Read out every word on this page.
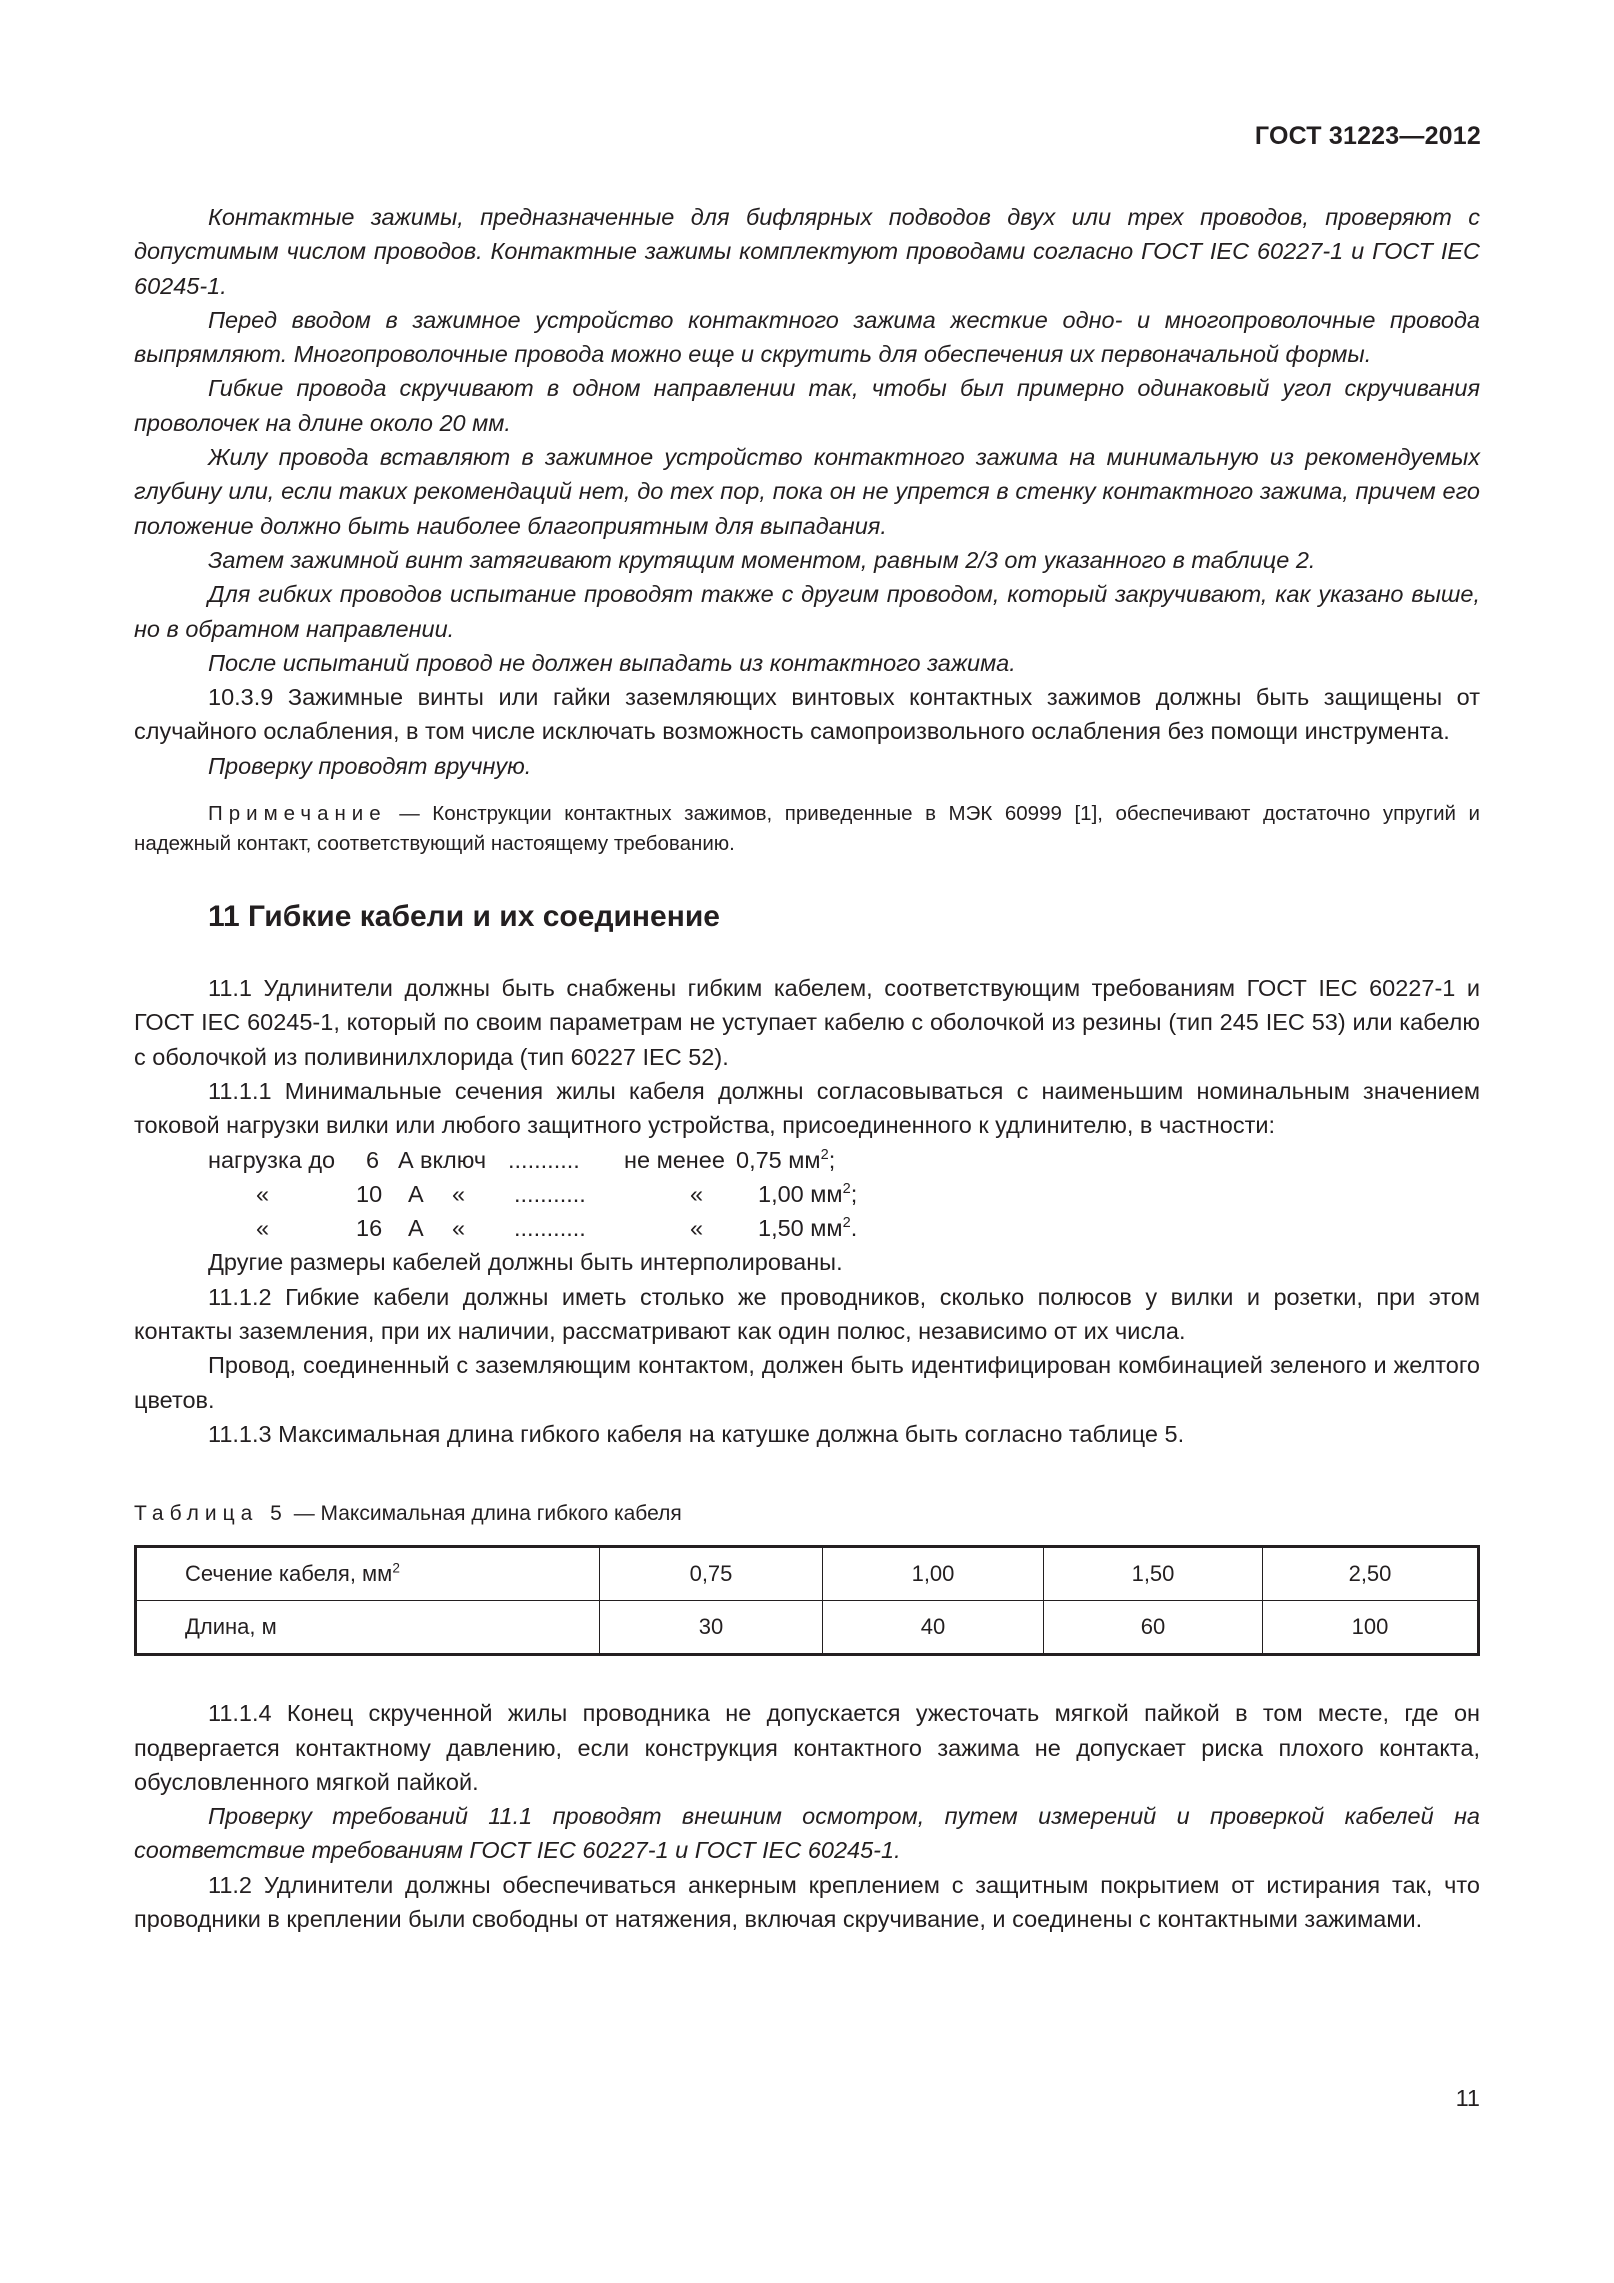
ГОСТ 31223—2012

Контактные зажимы, предназначенные для бифлярных подводов двух или трех проводов, проверяют с допустимым числом проводов. Контактные зажимы комплектуют проводами согласно ГОСТ IEC 60227-1 и ГОСТ IEC 60245-1.

Перед вводом в зажимное устройство контактного зажима жесткие одно- и многопроволочные провода выпрямляют. Многопроволочные провода можно еще и скрутить для обеспечения их первоначальной формы.

Гибкие провода скручивают в одном направлении так, чтобы был примерно одинаковый угол скручивания проволочек на длине около 20 мм.

Жилу провода вставляют в зажимное устройство контактного зажима на минимальную из рекомендуемых глубину или, если таких рекомендаций нет, до тех пор, пока он не упрется в стенку контактного зажима, причем его положение должно быть наиболее благоприятным для выпадания.

Затем зажимной винт затягивают крутящим моментом, равным 2/3 от указанного в таблице 2.

Для гибких проводов испытание проводят также с другим проводом, который закручивают, как указано выше, но в обратном направлении.

После испытаний провод не должен выпадать из контактного зажима.

10.3.9 Зажимные винты или гайки заземляющих винтовых контактных зажимов должны быть защищены от случайного ослабления, в том числе исключать возможность самопроизвольного ослабления без помощи инструмента.

Проверку проводят вручную.

Примечание — Конструкции контактных зажимов, приведенные в МЭК 60999 [1], обеспечивают достаточно упругий и надежный контакт, соответствующий настоящему требованию.

11 Гибкие кабели и их соединение

11.1 Удлинители должны быть снабжены гибким кабелем, соответствующим требованиям ГОСТ IEC 60227-1 и ГОСТ IEC 60245-1, который по своим параметрам не уступает кабелю с оболочкой из резины (тип 245 IEC 53) или кабелю с оболочкой из поливинилхлорида (тип 60227 IEC 52).

11.1.1 Минимальные сечения жилы кабеля должны согласовываться с наименьшим номинальным значением токовой нагрузки вилки или любого защитного устройства, присоединенного к удлинителю, в частности:

нагрузка до 6 А включ ........... не менее 0,75 $мм^2$;
«	10 А « ...........	« 1,00 $мм^2$;
«	16 А « ...........	« 1,50 $мм^2$.

Другие размеры кабелей должны быть интерполированы.

11.1.2 Гибкие кабели должны иметь столько же проводников, сколько полюсов у вилки и розетки, при этом контакты заземления, при их наличии, рассматривают как один полюс, независимо от их числа.

Провод, соединенный с заземляющим контактом, должен быть идентифицирован комбинацией зеленого и желтого цветов.

11.1.3 Максимальная длина гибкого кабеля на катушке должна быть согласно таблице 5.

Таблица 5 — Максимальная длина гибкого кабеля

Сечение кабеля, $мм^2$	0,75	1,00	1,50	2,50
Длина, м	30	40	60	100

11.1.4 Конец скрученной жилы проводника не допускается ужесточать мягкой пайкой в том месте, где он подвергается контактному давлению, если конструкция контактного зажима не допускает риска плохого контакта, обусловленного мягкой пайкой.

Проверку требований 11.1 проводят внешним осмотром, путем измерений и проверкой кабелей на соответствие требованиям ГОСТ IEC 60227-1 и ГОСТ IEC 60245-1.

11.2 Удлинители должны обеспечиваться анкерным креплением с защитным покрытием от истирания так, что проводники в креплении были свободны от натяжения, включая скручивание, и соединены с контактными зажимами.

11
